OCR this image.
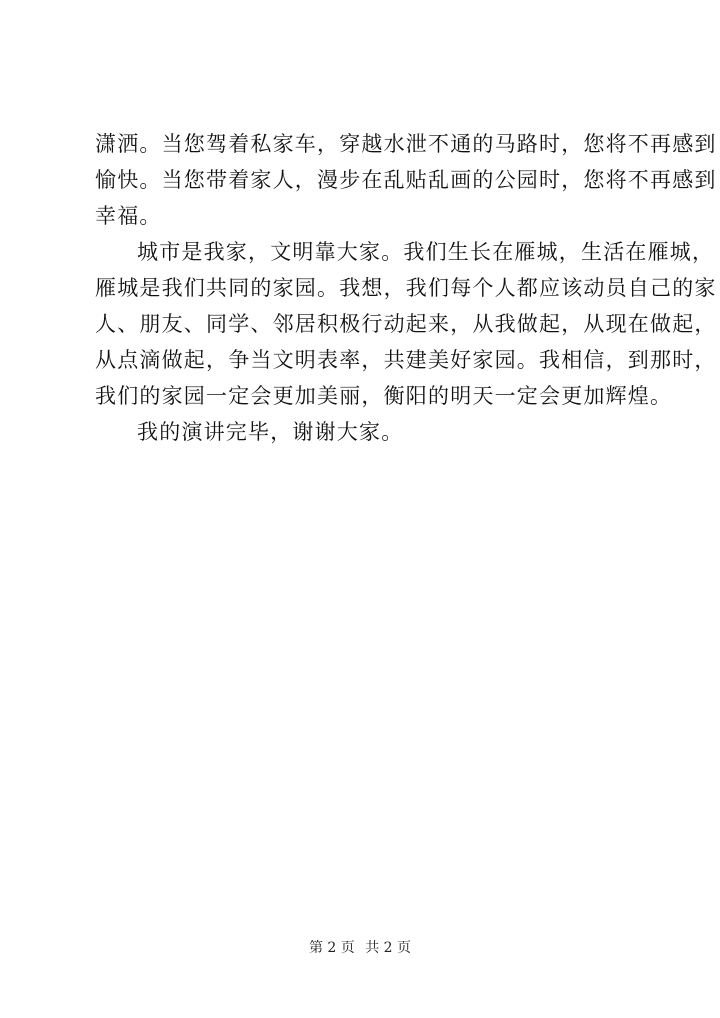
潇洒。当您驾着私家车，穿越水泄不通的马路时，您将不再感到
愉快。当您带着家人，漫步在乱贴乱画的公园时，您将不再感到
幸福。
城市是我家，文明靠大家。我们生长在雁城，生活在雁城，
雁城是我们共同的家园。我想，我们每个人都应该动员自己的家
人、朋友、同学、邻居积极行动起来，从我做起，从现在做起，
从点滴做起，争当文明表率，共建美好家园。我相信，到那时，
我们的家园一定会更加美丽，衡阳的明天一定会更加辉煌。
我的演讲完毕，谢谢大家。
第 2 页 共 2 页
